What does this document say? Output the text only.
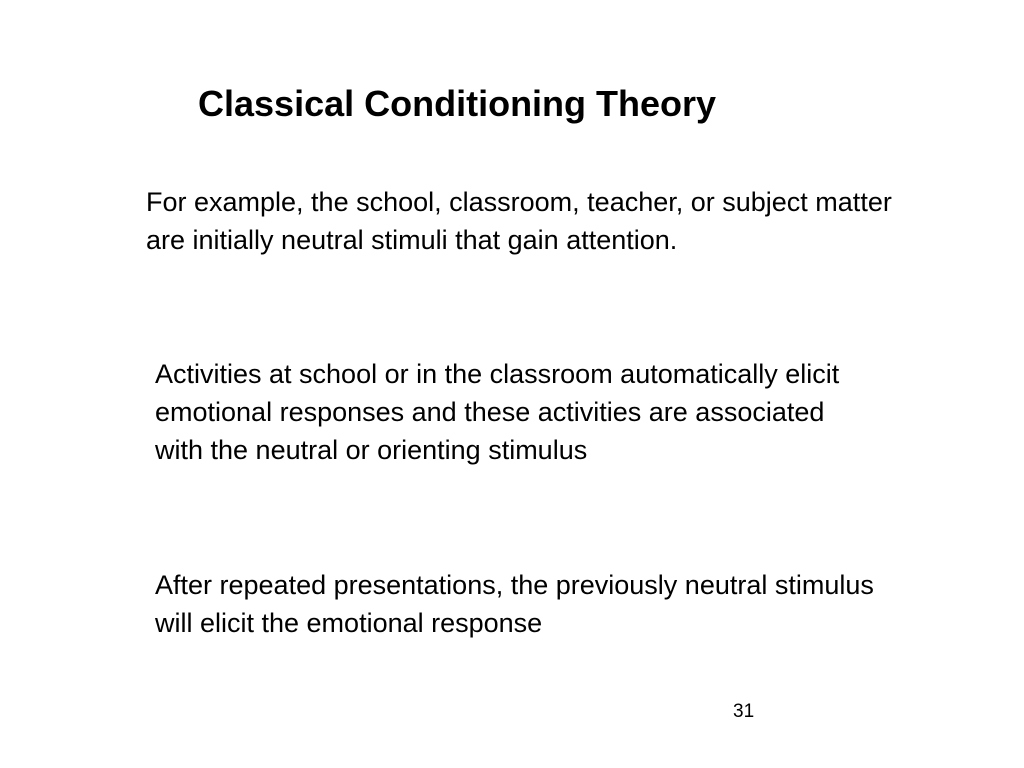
Classical Conditioning Theory
For example, the school, classroom, teacher, or subject matter are initially neutral stimuli that gain attention.
Activities at school or in the classroom automatically elicit emotional responses and these activities are associated with the neutral or orienting stimulus
After repeated presentations, the previously neutral stimulus will elicit the emotional response
31
